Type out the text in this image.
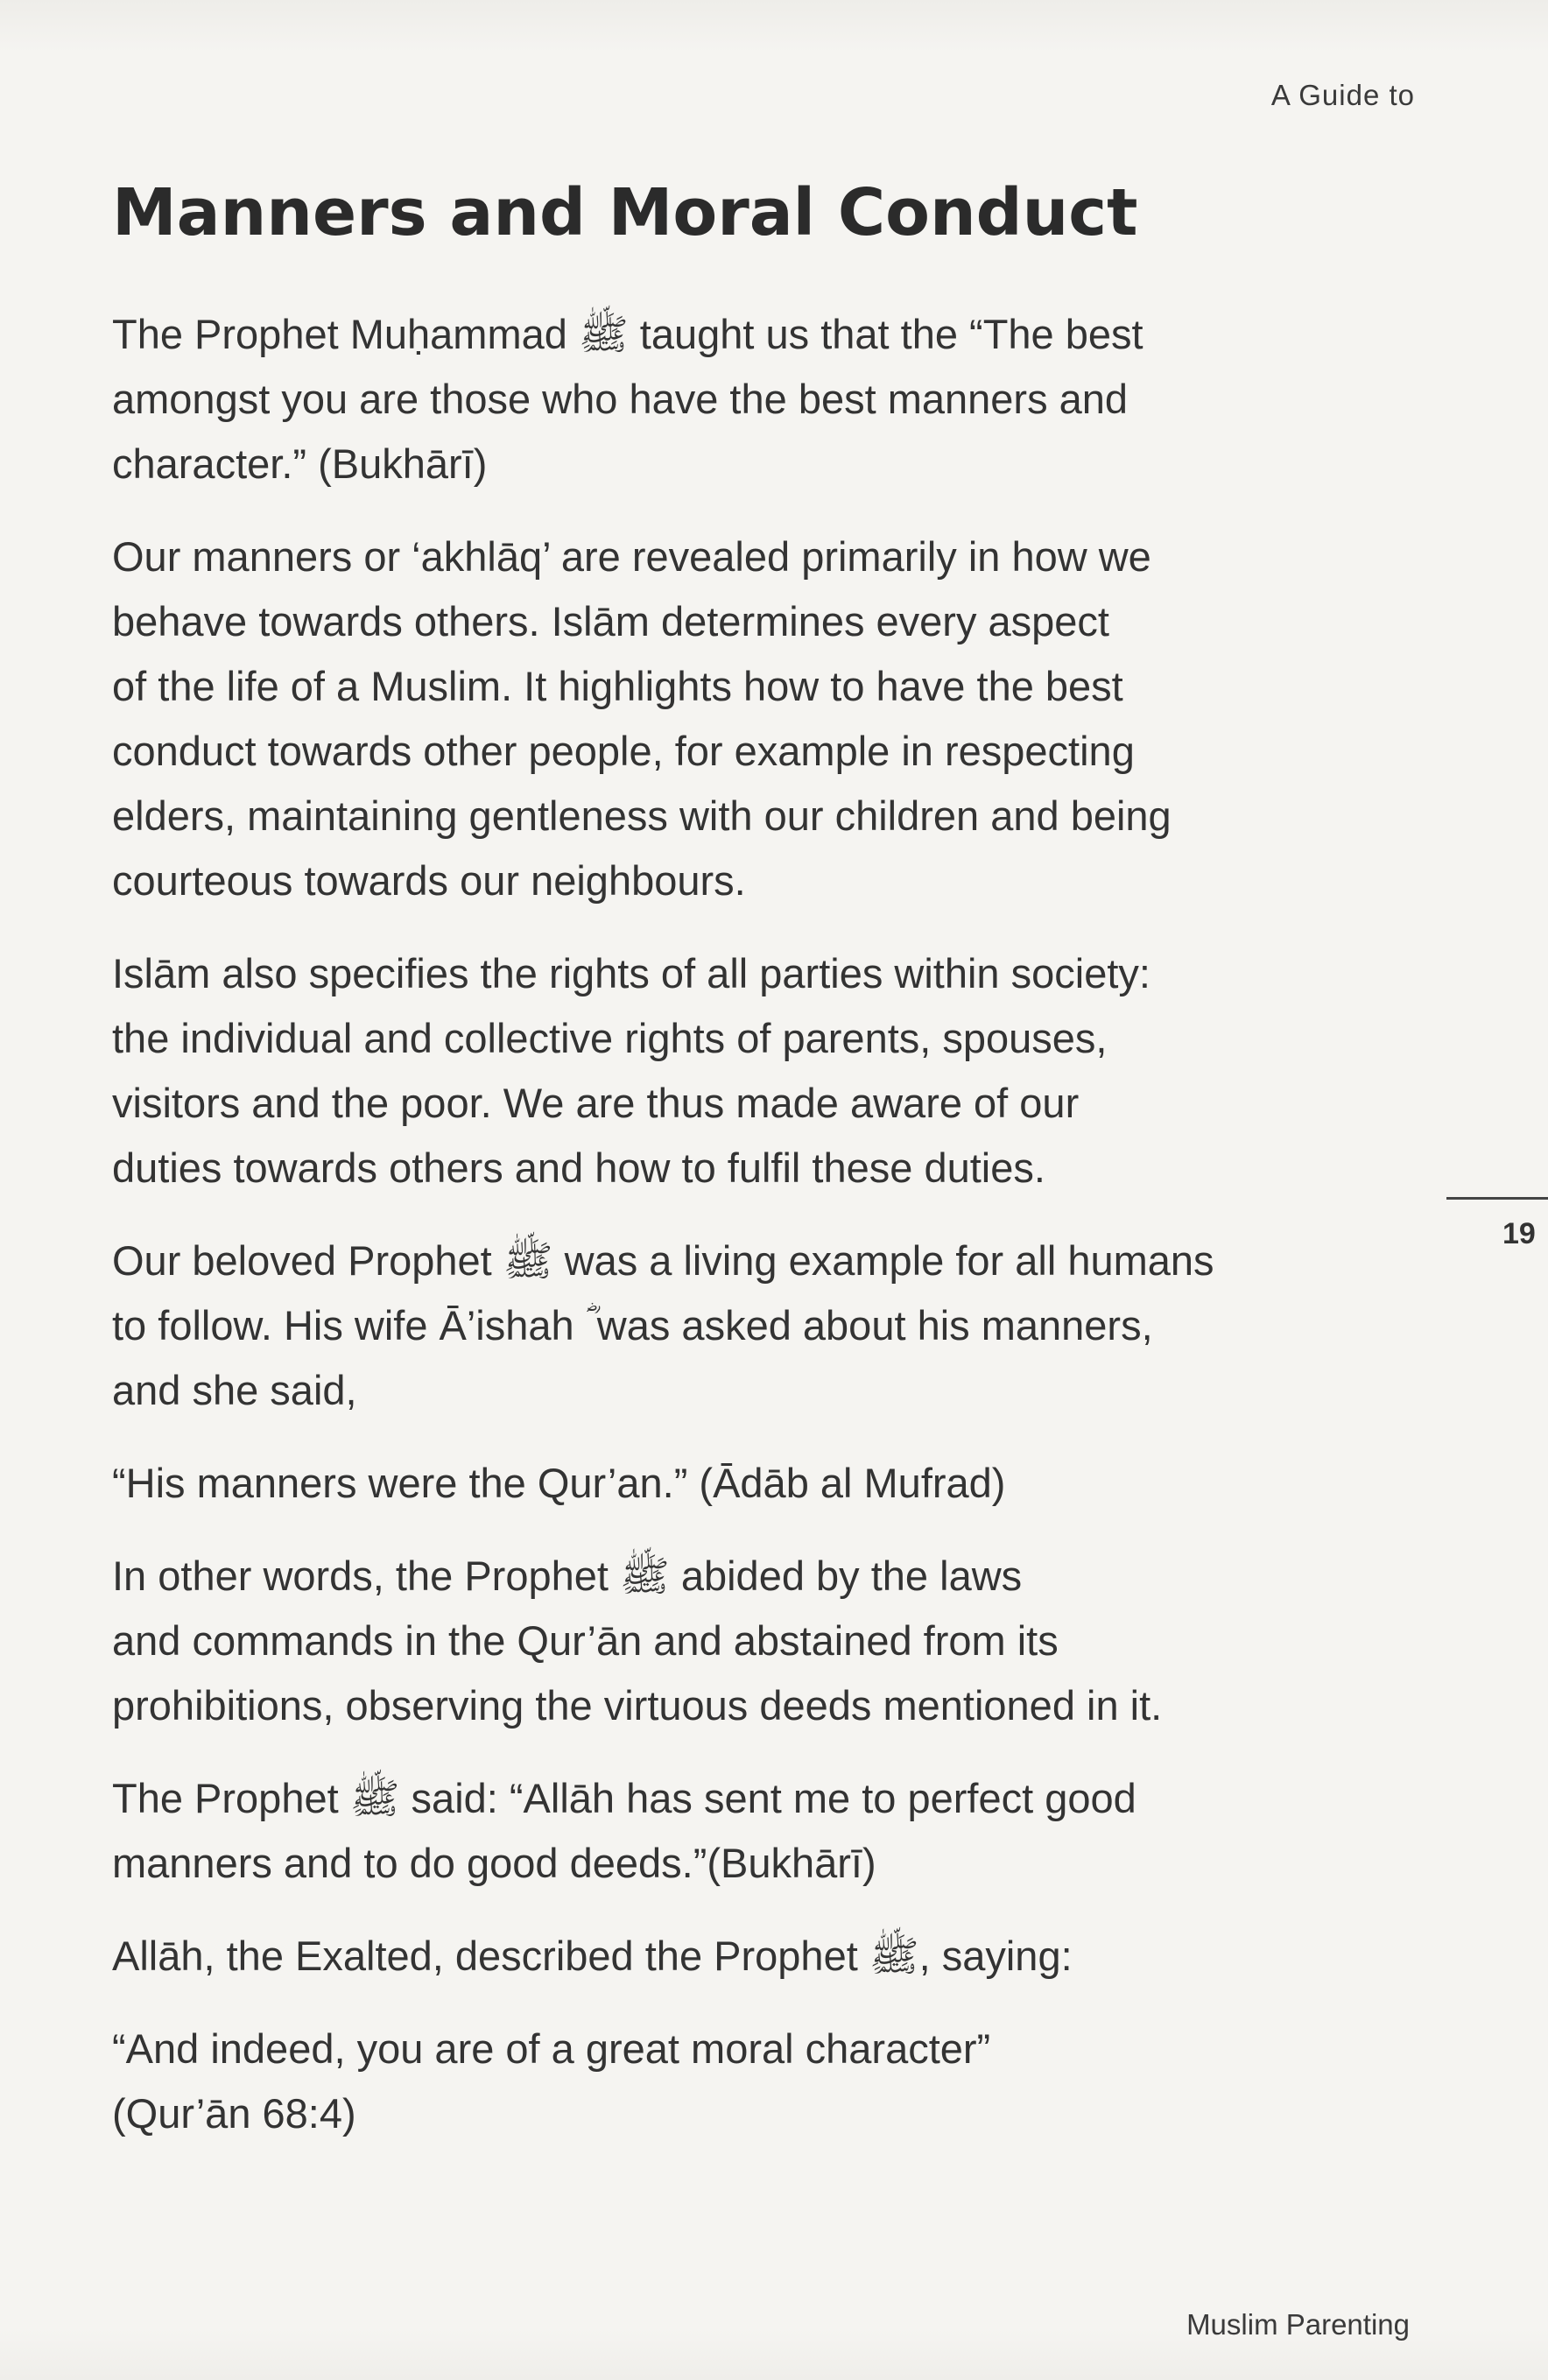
A Guide to
Manners and Moral Conduct

The Prophet Muḥammad ﷺ taught us that the “The best
amongst you are those who have the best manners and
character.” (Bukhārī)

Our manners or ‘akhlāq’ are revealed primarily in how we
behave towards others. Islām determines every aspect
of the life of a Muslim. It highlights how to have the best
conduct towards other people, for example in respecting
elders, maintaining gentleness with our children and being
courteous towards our neighbours.

Islām also specifies the rights of all parties within society:
the individual and collective rights of parents, spouses,
visitors and the poor. We are thus made aware of our
duties towards others and how to fulfil these duties.

Our beloved Prophet ﷺ was a living example for all humans
to follow. His wife Ā’ishah ؓ was asked about his manners,
and she said,

“His manners were the Qur’an.” (Ādāb al Mufrad)

In other words, the Prophet ﷺ abided by the laws
and commands in the Qur’ān and abstained from its
prohibitions, observing the virtuous deeds mentioned in it.

The Prophet ﷺ said: “Allāh has sent me to perfect good
manners and to do good deeds.”(Bukhārī)

Allāh, the Exalted, described the Prophet ﷺ, saying:

“And indeed, you are of a great moral character”
(Qur’ān 68:4)

19
Muslim Parenting
